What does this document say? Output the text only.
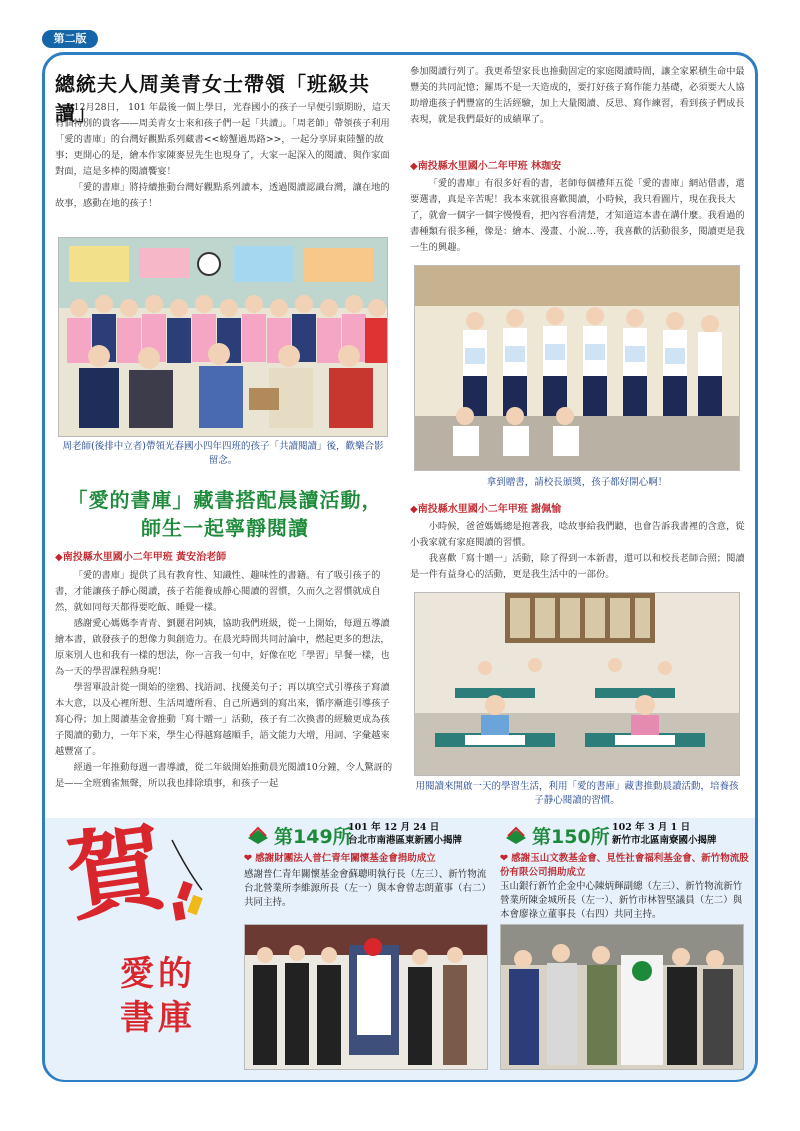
第二版
總統夫人周美青女士帶領「班級共讀」

12月28日， 101 年最後一個上學日，光春國小的孩子一早便引頸期盼，這天有個特別的貴客——周美青女士來和孩子們一起「共讀」。「周老師」帶領孩子利用「愛的書庫」的台灣好觀點系列藏書<<螃蟹過馬路>>，一起分享屏東陸蟹的故事；更開心的是，繪本作家陳麥昱先生也現身了，大家一起深入的閱讀、與作家面對面，這是多棒的閱讀饗宴！

「愛的書庫」將持續推動台灣好觀點系列讀本，透過閱讀認識台灣，讓在地的故事，感動在地的孩子！

周老師(後排中立者)帶領光春國小四年四班的孩子「共讀閱讀」後，歡樂合影留念。
「愛的書庫」藏書搭配晨讀活動，
師生一起寧靜閱讀
◆南投縣水里國小二年甲班 黃安治老師

「愛的書庫」提供了具有教育性、知識性、趣味性的書籍。有了吸引孩子的書，才能讓孩子靜心閱讀，孩子若能養成靜心閱讀的習慣，久而久之習慣就成自然，就如同每天都得要吃飯、睡覺一樣。

感謝愛心媽媽李青青、劉麗君阿姨，協助我們班級，從一上開始，每週五導讀繪本書，啟發孩子的想像力與創造力。在晨光時間共同討論中，燃起更多的想法，原來別人也和我有一樣的想法，你一言我一句中，好像在吃「學習」早餐一樣，也為一天的學習課程熱身呢！

學習單設計從一開始的塗鴉、找語詞、找優美句子；再以填空式引導孩子寫讀本大意，以及心裡所想、生活周遭所看、自己所遇到的寫出來，循序漸進引導孩子寫心得；加上閱讀基金會推動「寫十贈一」活動，孩子有二次換書的經驗更成為孩子閱讀的動力，一年下來，學生心得越寫越順手，語文能力大增，用詞、字彙越來越豐富了。

經過一年推動每週一書導讀，從二年級開始推動晨光閱讀10分鐘，令人驚訝的是——全班鴉雀無聲，所以我也排除瑣事，和孩子一起

參加閱讀行列了。我更希望家長也推動固定的家庭閱讀時間，讓全家累積生命中最豐美的共同記憶；羅馬不是一天造成的，要打好孩子寫作能力基礎，必須要大人協助增進孩子們豐富的生活經驗，加上大量閱讀、反思、寫作練習，看到孩子們成長表現，就是我們最好的成績單了。

◆南投縣水里國小二年甲班 林珈安

「愛的書庫」有很多好看的書，老師每個禮拜五從「愛的書庫」網站借書，還要選書，真是辛苦呢！我本來就很喜歡閱讀，小時候，我只看圖片，現在我長大了，就會一個字一個字慢慢看，把內容看清楚，才知道這本書在講什麼。我看過的書種類有很多種，像是：繪本、漫畫、小說…等，我喜歡的活動很多，閱讀更是我一生的興趣。

拿到贈書，請校長頒獎，孩子都好開心啊！
◆南投縣水里國小二年甲班 謝佩愉

小時候，爸爸媽媽總是抱著我，唸故事給我們聽，也會告訴我書裡的含意，從小我家就有家庭閱讀的習慣。

我喜歡「寫十贈一」活動，除了得到一本新書，還可以和校長老師合照；閱讀是一件有益身心的活動，更是我生活中的一部份。

用閱讀來開啟一天的學習生活，利用「愛的書庫」藏書推動晨讀活動，培養孩子靜心閱讀的習慣。
賀
愛的
書庫
第149所
101 年 12 月 24 日
台北市南港區東新國小揭牌
❤ 感謝財團法人普仁青年關懷基金會捐助成立
感謝普仁青年關懷基金會蘇聰明執行長（左三）、新竹物流台北營業所李維源所長（左一）與本會曾志朗董事（右二）共同主持。
第150所 102 年 3 月 1 日
新竹市北區南寮國小揭牌
❤ 感謝玉山文教基金會、見性社會福利基金會、新竹物流股份有限公司捐助成立
玉山銀行新竹企金中心陳炳輝副總（左三）、新竹物流新竹營業所陳金城所長（左一）、新竹市林智堅議員（左二）與本會廖祿立董事長（右四）共同主持。
